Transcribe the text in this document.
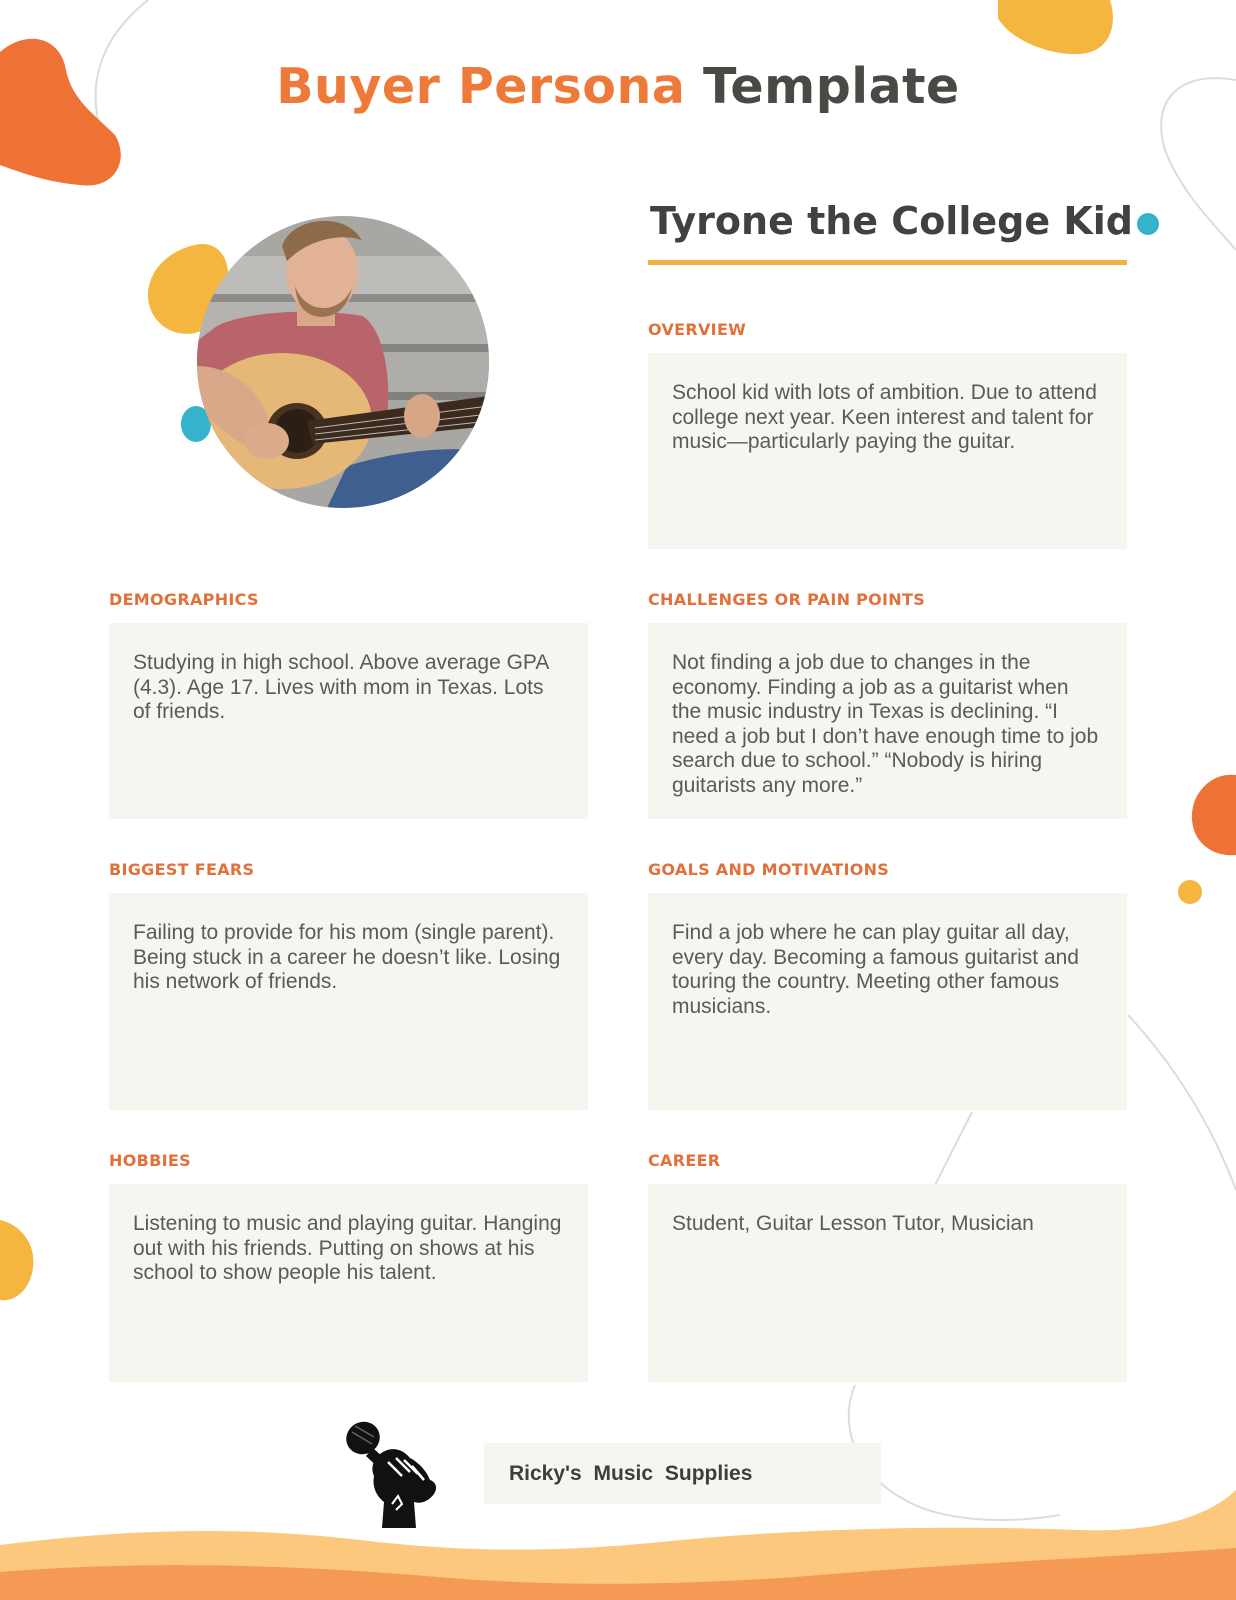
Buyer Persona Template
Tyrone the College Kid
OVERVIEW

School kid with lots of ambition. Due to attend college next year. Keen interest and talent for music—particularly paying the guitar.

DEMOGRAPHICS

Studying in high school. Above average GPA (4.3). Age 17. Lives with mom in Texas. Lots of friends.

CHALLENGES OR PAIN POINTS

Not finding a job due to changes in the economy. Finding a job as a guitarist when the music industry in Texas is declining. “I need a job but I don’t have enough time to job search due to school.” “Nobody is hiring guitarists any more.”

BIGGEST FEARS

Failing to provide for his mom (single parent). Being stuck in a career he doesn’t like. Losing his network of friends.

GOALS AND MOTIVATIONS

Find a job where he can play guitar all day, every day. Becoming a famous guitarist and touring the country. Meeting other famous musicians.

HOBBIES

Listening to music and playing guitar. Hanging out with his friends. Putting on shows at his school to show people his talent.

CAREER

Student, Guitar Lesson Tutor, Musician

Ricky's Music Supplies
